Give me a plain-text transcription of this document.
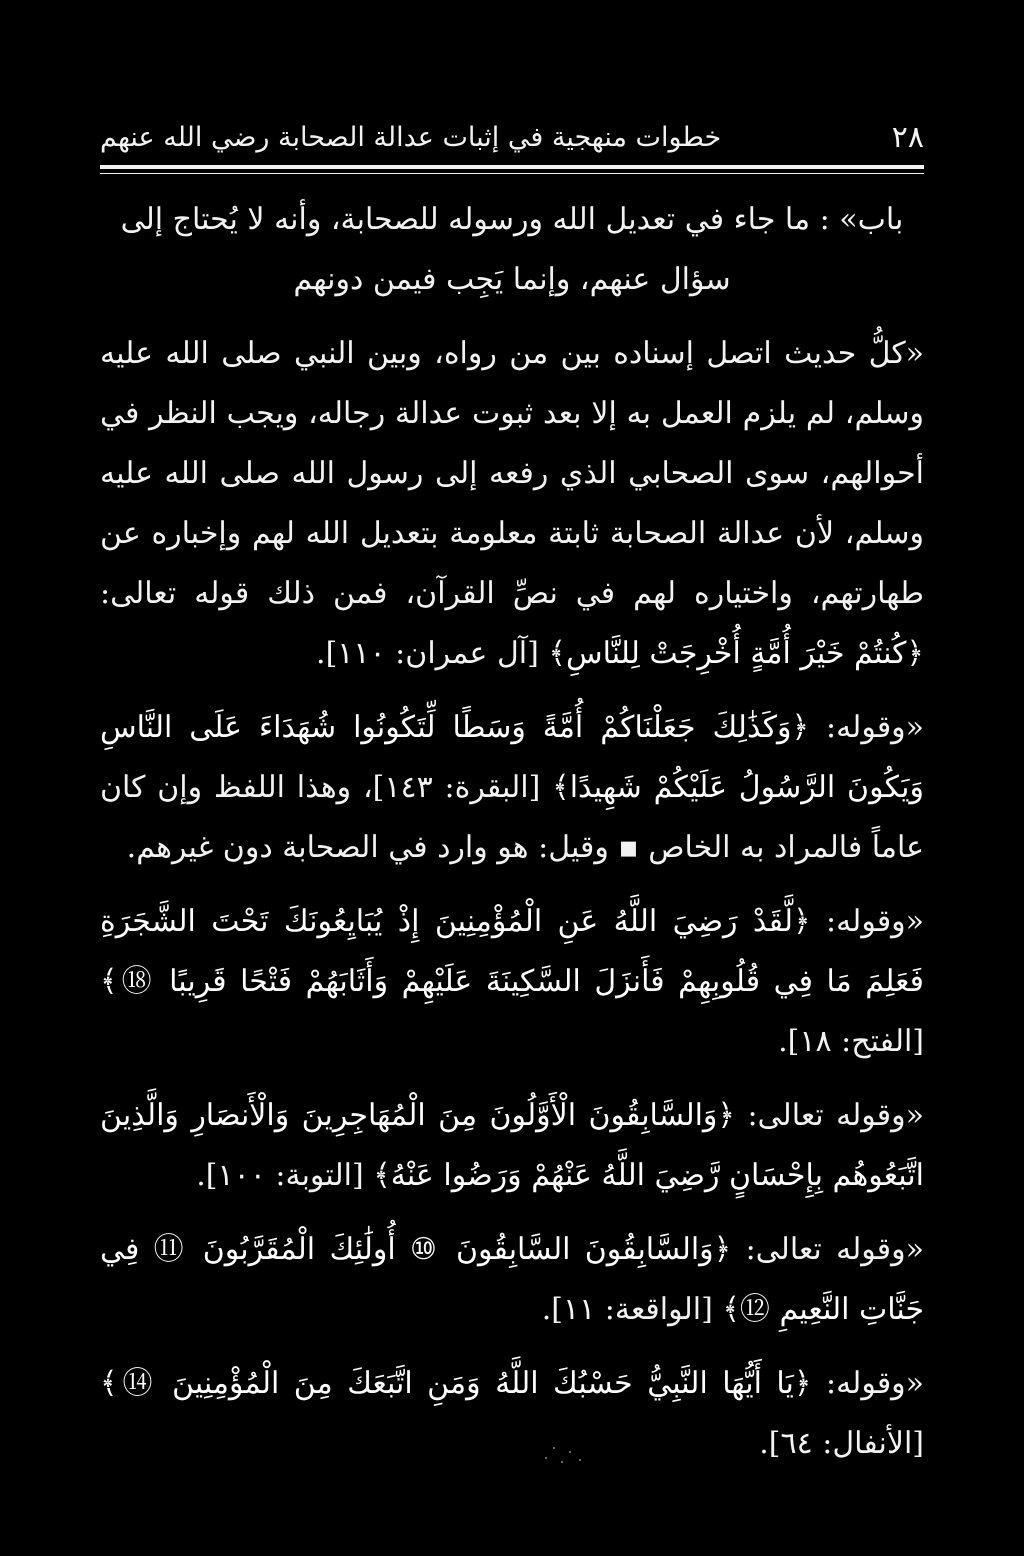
خطوات منهجية في إثبات عدالة الصحابة رضي الله عنهم	٢٨
باب» : ما جاء في تعديل الله ورسوله للصحابة، وأنه لا يُحتاج إلى
سؤال عنهم، وإنما يَجِب فيمن دونهم

«كلُّ حديث اتصل إسناده بين من رواه، وبين النبي صلى الله عليه وسلم، لم يلزم العمل به إلا بعد ثبوت عدالة رجاله، ويجب النظر في أحوالهم، سوى الصحابي الذي رفعه إلى رسول الله صلى الله عليه وسلم، لأن عدالة الصحابة ثابتة معلومة بتعديل الله لهم وإخباره عن طهارتهم، واختياره لهم في نصِّ القرآن، فمن ذلك قوله تعالى: ﴿كُنتُمْ خَيْرَ أُمَّةٍ أُخْرِجَتْ لِلنَّاسِ﴾ [آل عمران: ١١٠].

«وقوله: ﴿وَكَذَٰلِكَ جَعَلْنَاكُمْ أُمَّةً وَسَطًا لِّتَكُونُوا شُهَدَاءَ عَلَى النَّاسِ وَيَكُونَ الرَّسُولُ عَلَيْكُمْ شَهِيدًا﴾ [البقرة: ١٤٣]، وهذا اللفظ وإن كان عاماً فالمراد به الخاص ▪ وقيل: هو وارد في الصحابة دون غيرهم.

«وقوله: ﴿لَّقَدْ رَضِيَ اللَّهُ عَنِ الْمُؤْمِنِينَ إِذْ يُبَايِعُونَكَ تَحْتَ الشَّجَرَةِ فَعَلِمَ مَا فِي قُلُوبِهِمْ فَأَنزَلَ السَّكِينَةَ عَلَيْهِمْ وَأَثَابَهُمْ فَتْحًا قَرِيبًا ⑱﴾ [الفتح: ١٨].

«وقوله تعالى: ﴿وَالسَّابِقُونَ الْأَوَّلُونَ مِنَ الْمُهَاجِرِينَ وَالْأَنصَارِ وَالَّذِينَ اتَّبَعُوهُم بِإِحْسَانٍ رَّضِيَ اللَّهُ عَنْهُمْ وَرَضُوا عَنْهُ﴾ [التوبة: ١٠٠].

«وقوله تعالى: ﴿وَالسَّابِقُونَ السَّابِقُونَ ⑩ أُولَٰئِكَ الْمُقَرَّبُونَ ⑪ فِي جَنَّاتِ النَّعِيمِ ⑫﴾ [الواقعة: ١١].

«وقوله: ﴿يَا أَيُّهَا النَّبِيُّ حَسْبُكَ اللَّهُ وَمَنِ اتَّبَعَكَ مِنَ الْمُؤْمِنِينَ ⑭﴾ [الأنفال: ٦٤].
